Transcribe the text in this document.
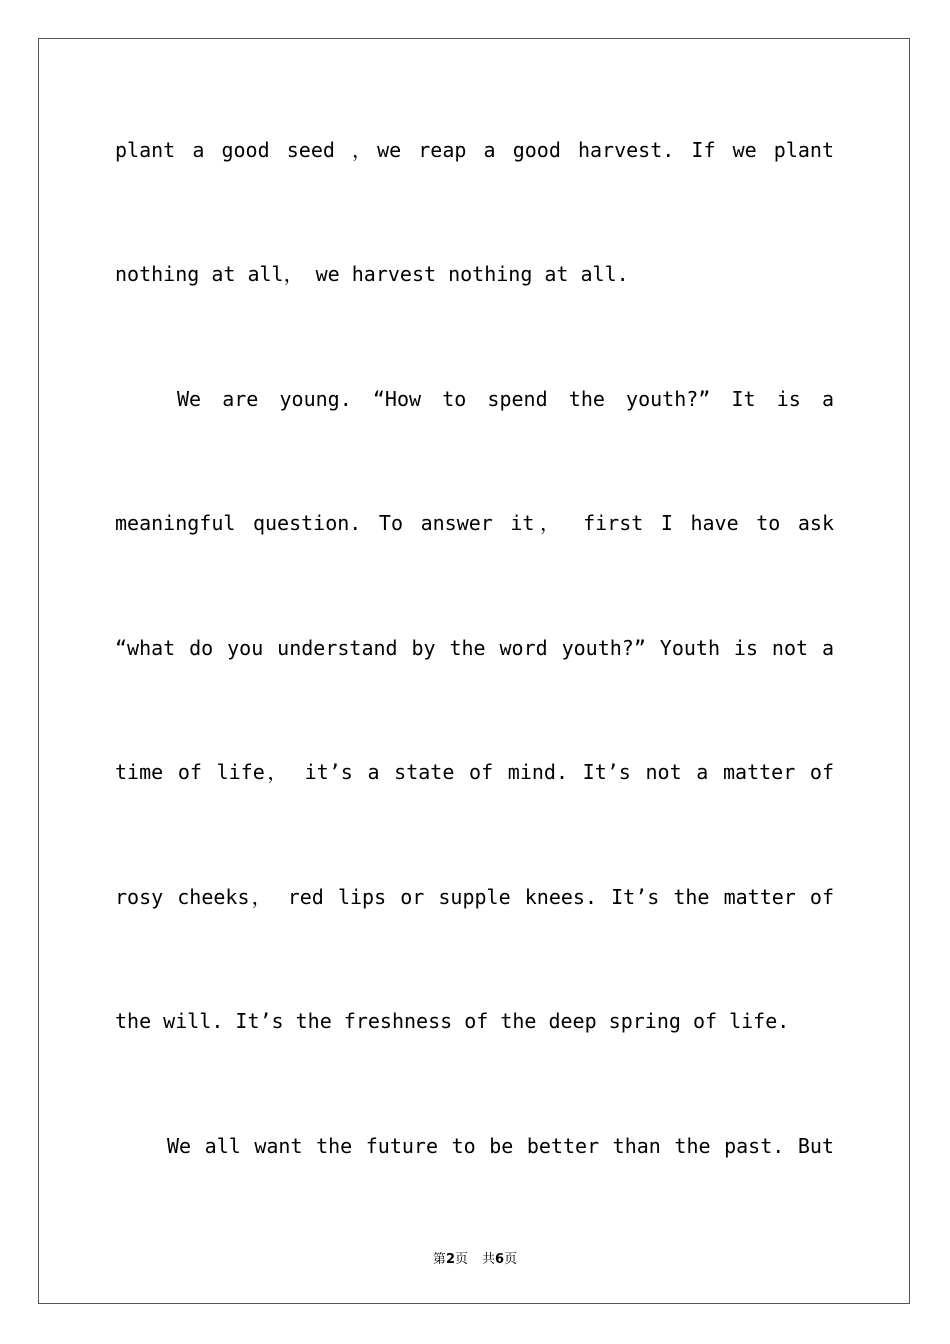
plant a good seed ，we reap a good harvest. If we plant
nothing at all， we harvest nothing at all.
We are young. “How to spend the youth?” It is a
meaningful question. To answer it， first I have to ask
“what do you understand by the word youth?” Youth is not a
time of life， it’s a state of mind. It’s not a matter of
rosy cheeks， red lips or supple knees. It’s the matter of
the will. It’s the freshness of the deep spring of life.
We all want the future to be better than the past. But
第2页 共6页
